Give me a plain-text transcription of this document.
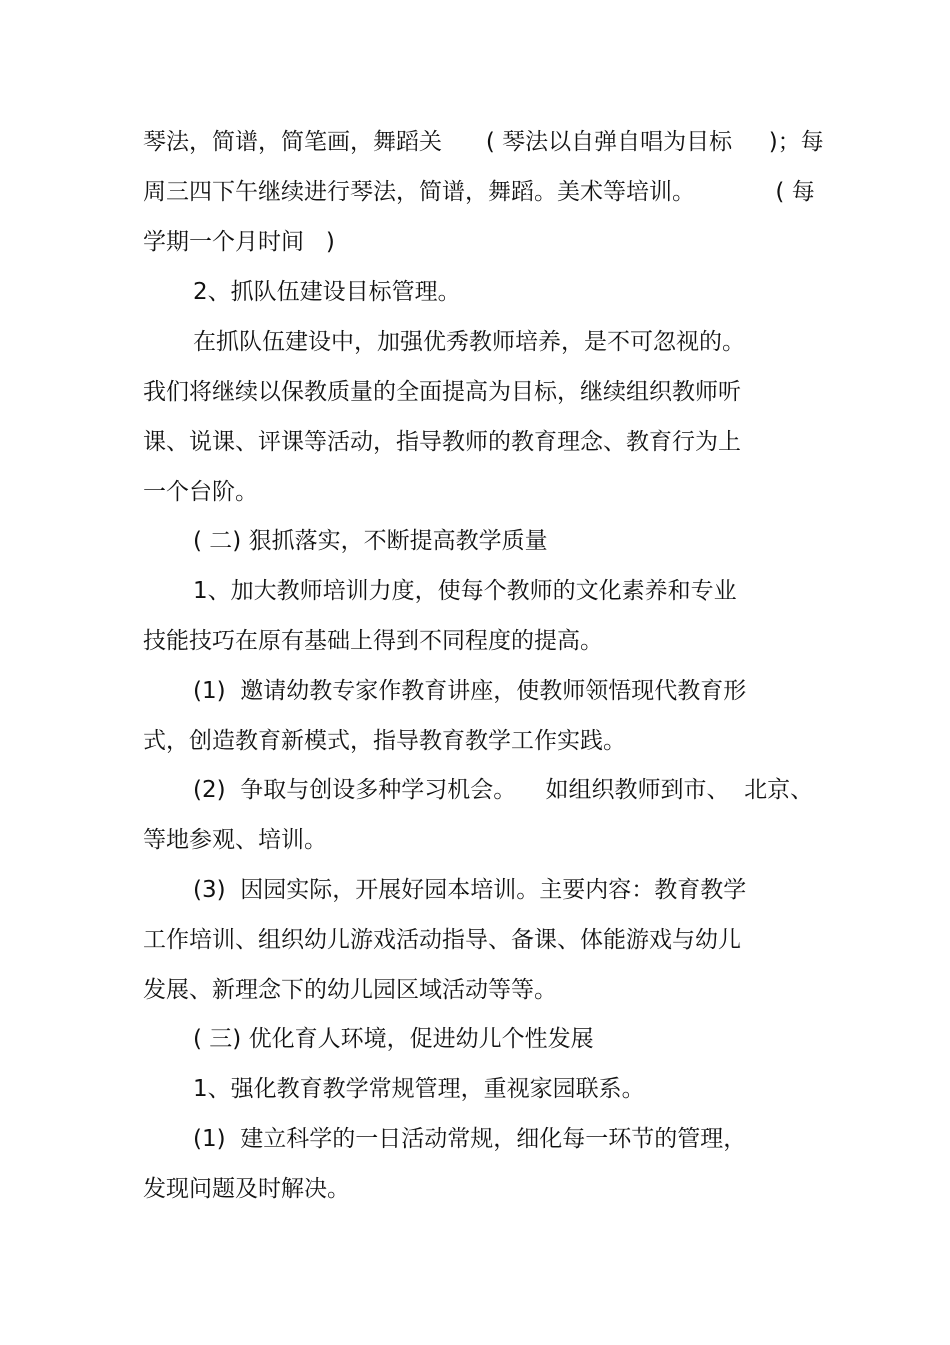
琴法，简谱，简笔画，舞蹈关      ( 琴法以自弹自唱为目标     )；每
周三四下午继续进行琴法，简谱，舞蹈。美术等培训。           ( 每
学期一个月时间   )
2、抓队伍建设目标管理。
在抓队伍建设中，加强优秀教师培养，是不可忽视的。
我们将继续以保教质量的全面提高为目标，继续组织教师听
课、说课、评课等活动，指导教师的教育理念、教育行为上
一个台阶。
( 二) 狠抓落实，不断提高教学质量
1、加大教师培训力度，使每个教师的文化素养和专业
技能技巧在原有基础上得到不同程度的提高。
(1)  邀请幼教专家作教育讲座，使教师领悟现代教育形
式，创造教育新模式，指导教育教学工作实践。
(2)  争取与创设多种学习机会。    如组织教师到市、  北京、
等地参观、培训。
(3)  因园实际，开展好园本培训。主要内容：教育教学
工作培训、组织幼儿游戏活动指导、备课、体能游戏与幼儿
发展、新理念下的幼儿园区域活动等等。
( 三) 优化育人环境，促进幼儿个性发展
1、强化教育教学常规管理，重视家园联系。
(1)  建立科学的一日活动常规，细化每一环节的管理，
发现问题及时解决。
